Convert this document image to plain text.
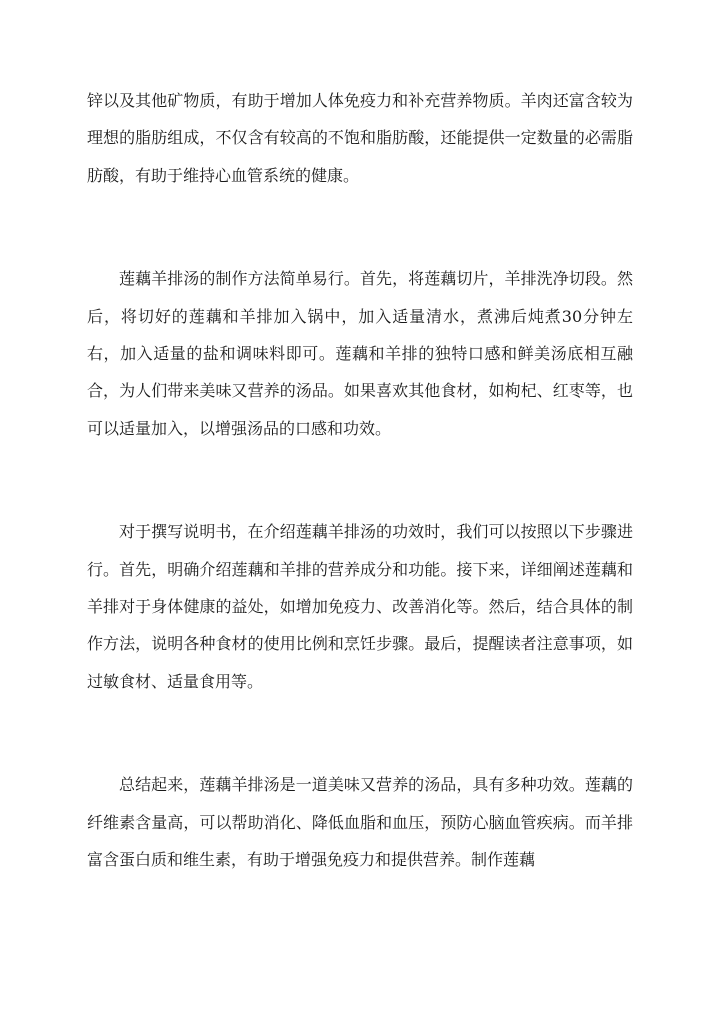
锌以及其他矿物质，有助于增加人体免疫力和补充营养物质。羊肉还富含较为理想的脂肪组成，不仅含有较高的不饱和脂肪酸，还能提供一定数量的必需脂肪酸，有助于维持心血管系统的健康。

莲藕羊排汤的制作方法简单易行。首先，将莲藕切片，羊排洗净切段。然后，将切好的莲藕和羊排加入锅中，加入适量清水，煮沸后炖煮30分钟左右，加入适量的盐和调味料即可。莲藕和羊排的独特口感和鲜美汤底相互融合，为人们带来美味又营养的汤品。如果喜欢其他食材，如枸杞、红枣等，也可以适量加入，以增强汤品的口感和功效。

对于撰写说明书，在介绍莲藕羊排汤的功效时，我们可以按照以下步骤进行。首先，明确介绍莲藕和羊排的营养成分和功能。接下来，详细阐述莲藕和羊排对于身体健康的益处，如增加免疫力、改善消化等。然后，结合具体的制作方法，说明各种食材的使用比例和烹饪步骤。最后，提醒读者注意事项，如过敏食材、适量食用等。

总结起来，莲藕羊排汤是一道美味又营养的汤品，具有多种功效。莲藕的纤维素含量高，可以帮助消化、降低血脂和血压，预防心脑血管疾病。而羊排富含蛋白质和维生素，有助于增强免疫力和提供营养。制作莲藕
